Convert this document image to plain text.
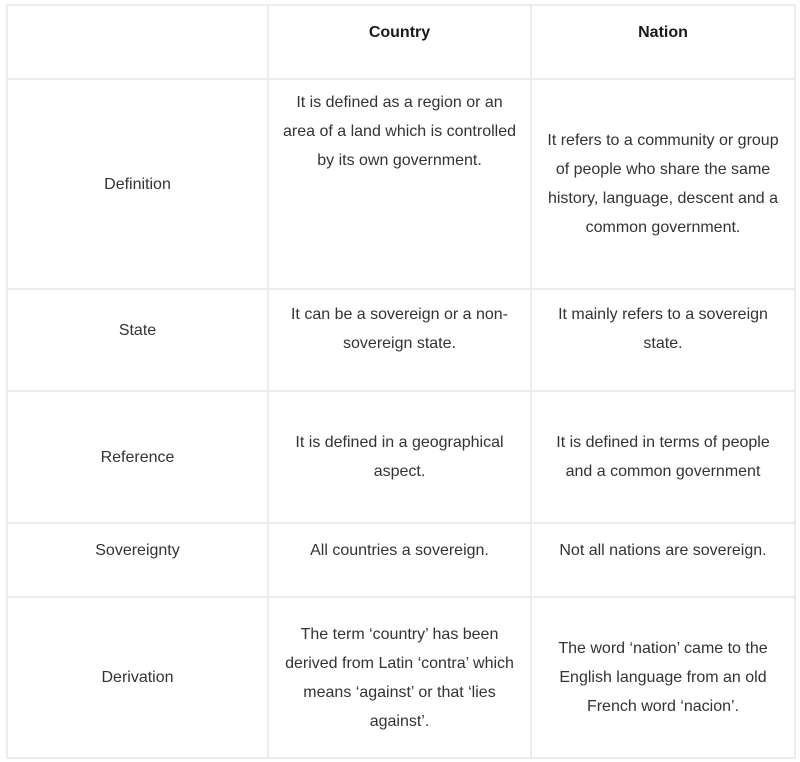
	Country	Nation
Definition	It is defined as a region or an area of a land which is controlled by its own government.	It refers to a community or group of people who share the same history, language, descent and a common government.
State	It can be a sovereign or a non-sovereign state.	It mainly refers to a sovereign state.
Reference	It is defined in a geographical aspect.	It is defined in terms of people and a common government
Sovereignty	All countries a sovereign.	Not all nations are sovereign.
Derivation	The term ‘country’ has been derived from Latin ‘contra’ which means ‘against’ or that ‘lies against’.	The word ‘nation’ came to the English language from an old French word ‘nacion’.
